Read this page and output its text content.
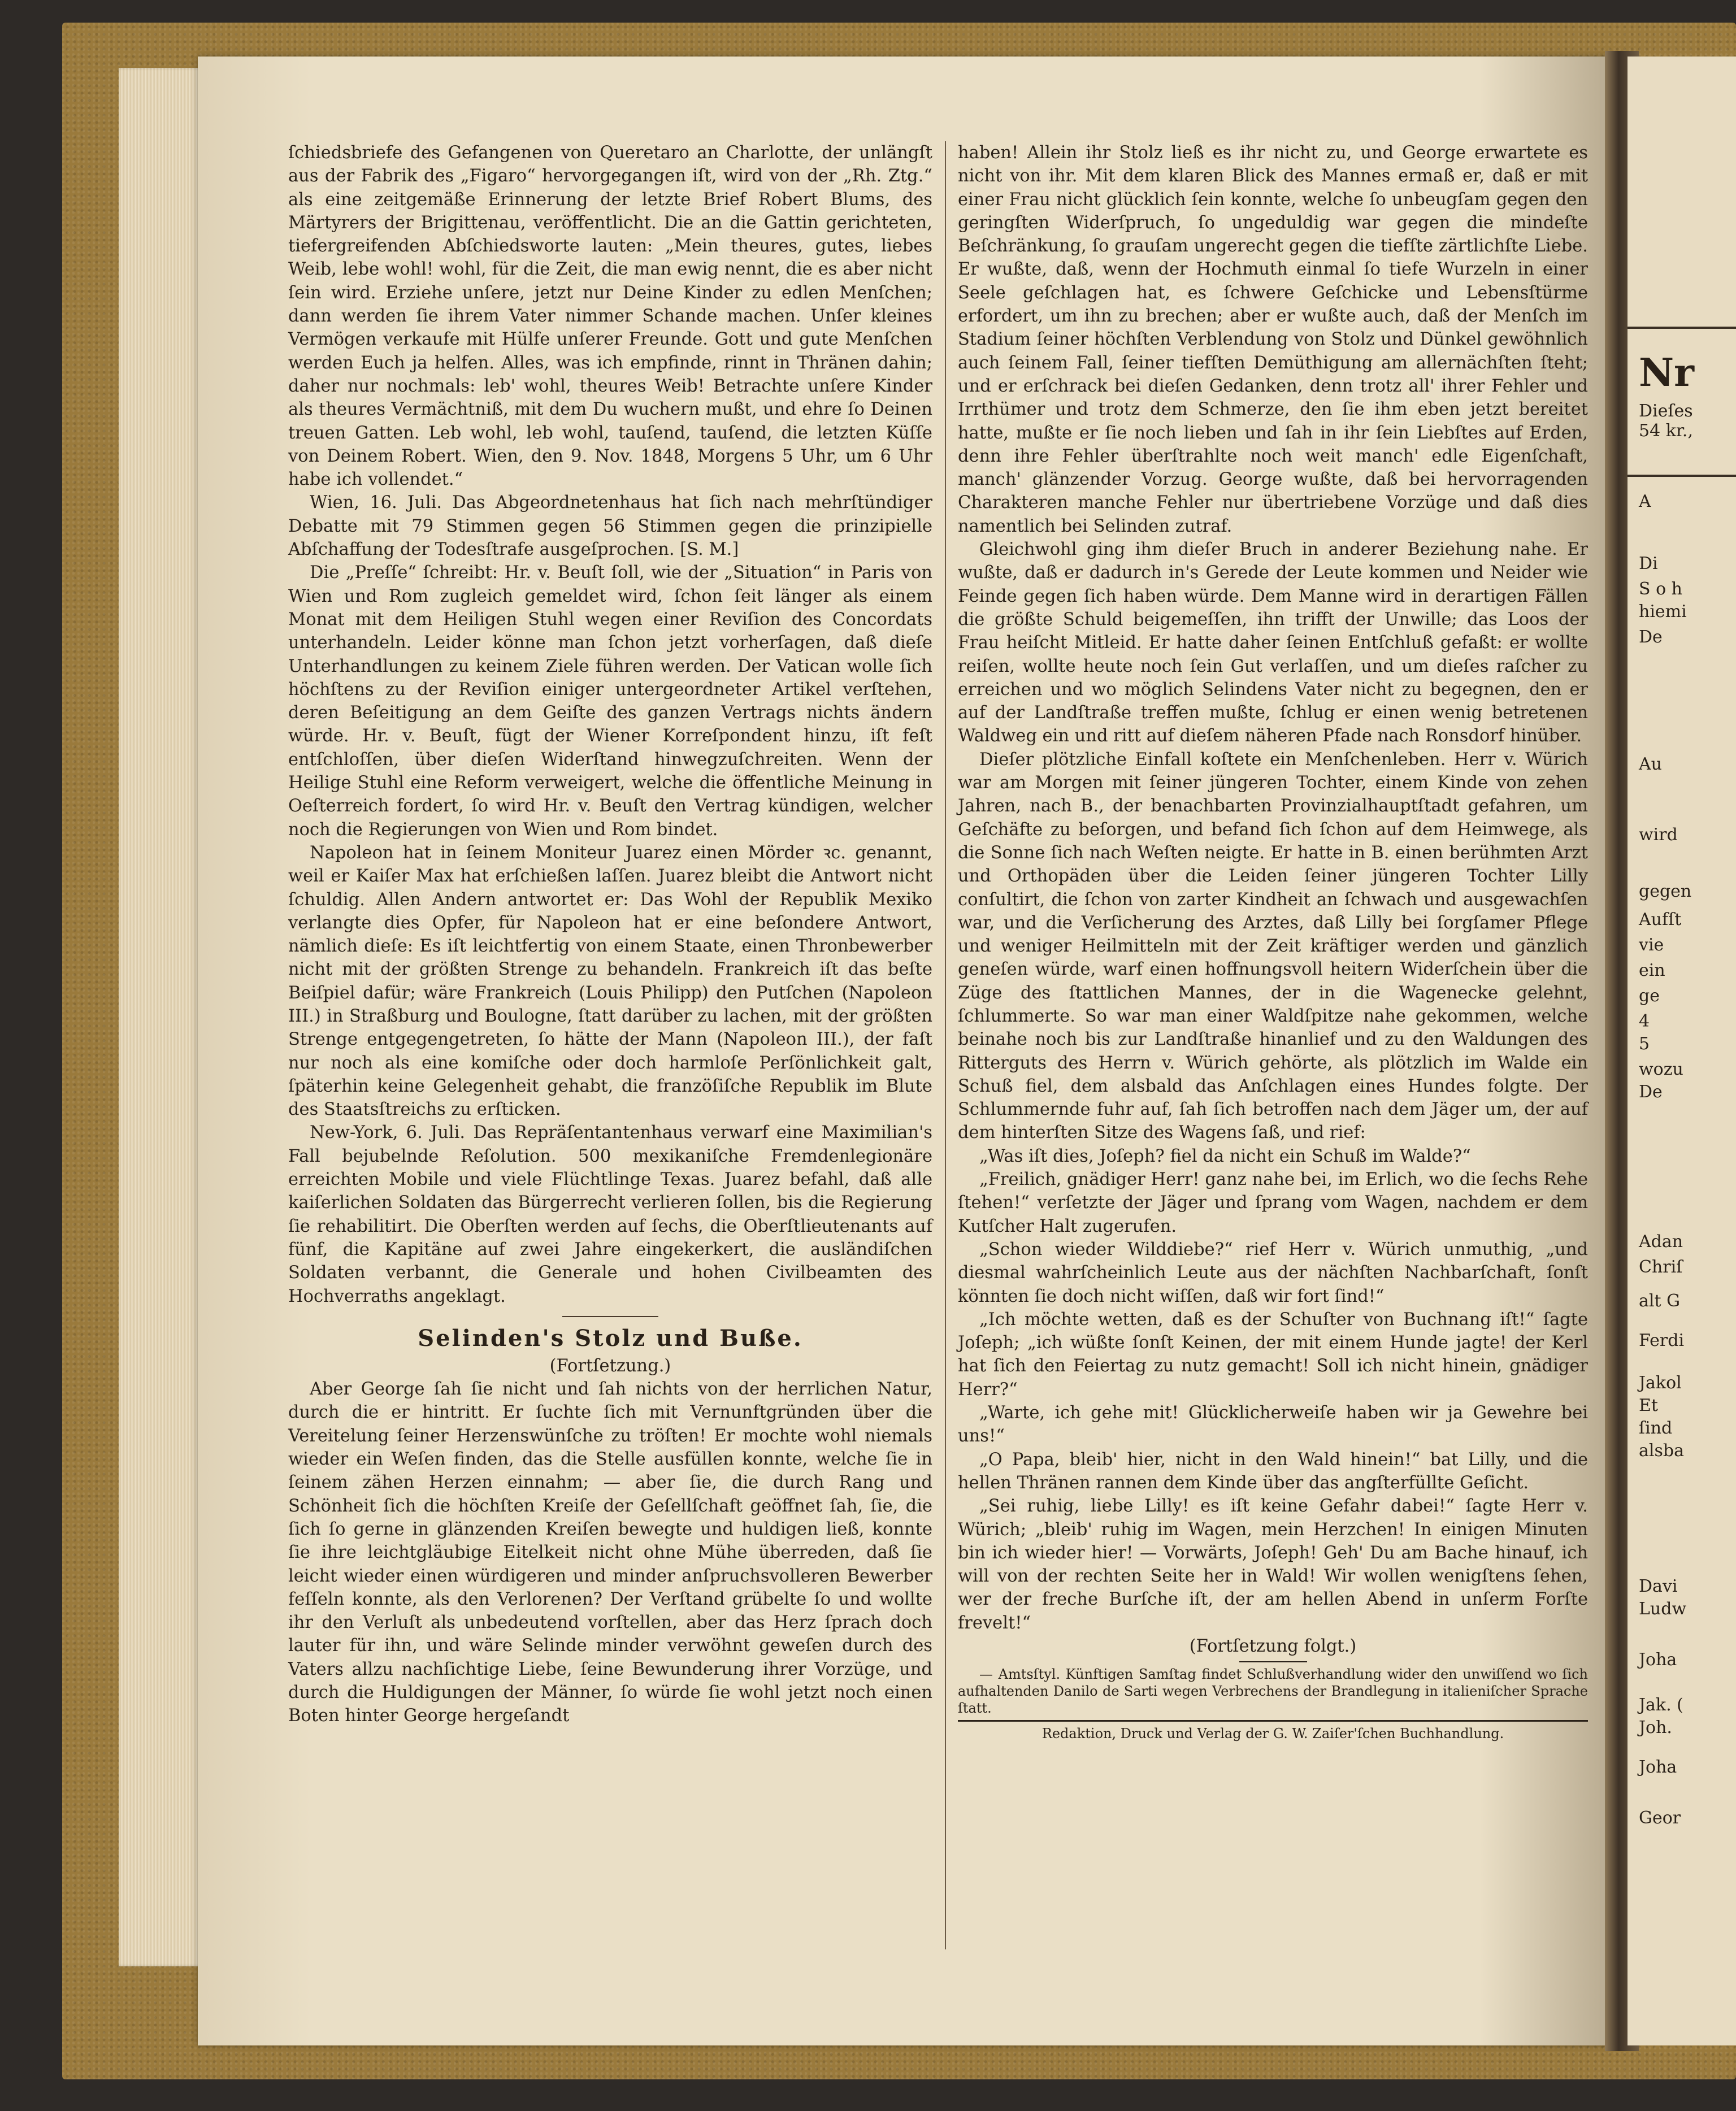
Nr
Dieſes
54 kr.,
A
Di
S o h
hiemi
De
Au
wird
gegen
Aufſt
vie
ein
ge
4
5
wozu
De
Adan
Chriſ
alt G
Ferdi
Jakol
Et
ſind
alsba
Davi
Ludw
Joha
Jak. (
Joh.
Joha
Geor

ſchiedsbriefe des Gefangenen von Queretaro an Charlotte, der unlängſt aus der Fabrik des „Figaro“ hervorgegangen iſt, wird von der „Rh. Ztg.“ als eine zeitgemäße Erinnerung der letzte Brief Robert Blums, des Märtyrers der Brigittenau, veröffentlicht. Die an die Gattin gerichteten, tiefergreifenden Abſchiedsworte lauten: „Mein theures, gutes, liebes Weib, lebe wohl! wohl, für die Zeit, die man ewig nennt, die es aber nicht ſein wird. Erziehe unſere, jetzt nur Deine Kinder zu edlen Menſchen; dann werden ſie ihrem Vater nimmer Schande machen. Unſer kleines Vermögen verkaufe mit Hülfe unſerer Freunde. Gott und gute Menſchen werden Euch ja helfen. Alles, was ich empfinde, rinnt in Thränen dahin; daher nur nochmals: leb' wohl, theures Weib! Betrachte unſere Kinder als theures Vermächtniß, mit dem Du wuchern mußt, und ehre ſo Deinen treuen Gatten. Leb wohl, leb wohl, tauſend, tauſend, die letzten Küſſe von Deinem Robert. Wien, den 9. Nov. 1848, Morgens 5 Uhr, um 6 Uhr habe ich vollendet.“

Wien, 16. Juli. Das Abgeordnetenhaus hat ſich nach mehrſtündiger Debatte mit 79 Stimmen gegen 56 Stimmen gegen die prinzipielle Abſchaffung der Todesſtrafe ausgeſprochen. [S. M.]

Die „Preſſe“ ſchreibt: Hr. v. Beuſt ſoll, wie der „Situation“ in Paris von Wien und Rom zugleich gemeldet wird, ſchon ſeit länger als einem Monat mit dem Heiligen Stuhl wegen einer Reviſion des Concordats unterhandeln. Leider könne man ſchon jetzt vorherſagen, daß dieſe Unterhandlungen zu keinem Ziele führen werden. Der Vatican wolle ſich höchſtens zu der Reviſion einiger untergeordneter Artikel verſtehen, deren Beſeitigung an dem Geiſte des ganzen Vertrags nichts ändern würde. Hr. v. Beuſt, fügt der Wiener Korreſpondent hinzu, iſt feſt entſchloſſen, über dieſen Widerſtand hinwegzuſchreiten. Wenn der Heilige Stuhl eine Reform verweigert, welche die öffentliche Meinung in Oeſterreich fordert, ſo wird Hr. v. Beuſt den Vertrag kündigen, welcher noch die Regierungen von Wien und Rom bindet.

Napoleon hat in ſeinem Moniteur Juarez einen Mörder ꝛc. genannt, weil er Kaiſer Max hat erſchießen laſſen. Juarez bleibt die Antwort nicht ſchuldig. Allen Andern antwortet er: Das Wohl der Republik Mexiko verlangte dies Opfer, für Napoleon hat er eine beſondere Antwort, nämlich dieſe: Es iſt leichtfertig von einem Staate, einen Thronbewerber nicht mit der größten Strenge zu behandeln. Frankreich iſt das beſte Beiſpiel dafür; wäre Frankreich (Louis Philipp) den Putſchen (Napoleon III.) in Straßburg und Boulogne, ſtatt darüber zu lachen, mit der größten Strenge entgegengetreten, ſo hätte der Mann (Napoleon III.), der faſt nur noch als eine komiſche oder doch harmloſe Perſönlichkeit galt, ſpäterhin keine Gelegenheit gehabt, die franzöſiſche Republik im Blute des Staatsſtreichs zu erſticken.

New-York, 6. Juli. Das Repräſentantenhaus verwarf eine Maximilian's Fall bejubelnde Reſolution. 500 mexikaniſche Fremdenlegionäre erreichten Mobile und viele Flüchtlinge Texas. Juarez befahl, daß alle kaiſerlichen Soldaten das Bürgerrecht verlieren ſollen, bis die Regierung ſie rehabilitirt. Die Oberſten werden auf ſechs, die Oberſtlieutenants auf fünf, die Kapitäne auf zwei Jahre eingekerkert, die ausländiſchen Soldaten verbannt, die Generale und hohen Civilbeamten des Hochverraths angeklagt.

Selinden's Stolz und Buße.

(Fortſetzung.)

Aber George ſah ſie nicht und ſah nichts von der herrlichen Natur, durch die er hintritt. Er ſuchte ſich mit Vernunftgründen über die Vereitelung ſeiner Herzenswünſche zu tröſten! Er mochte wohl niemals wieder ein Weſen finden, das die Stelle ausfüllen konnte, welche ſie in ſeinem zähen Herzen einnahm; — aber ſie, die durch Rang und Schönheit ſich die höchſten Kreiſe der Geſellſchaft geöffnet ſah, ſie, die ſich ſo gerne in glänzenden Kreiſen bewegte und huldigen ließ, konnte ſie ihre leichtgläubige Eitelkeit nicht ohne Mühe überreden, daß ſie leicht wieder einen würdigeren und minder anſpruchsvolleren Bewerber feſſeln konnte, als den Verlorenen? Der Verſtand grübelte ſo und wollte ihr den Verluſt als unbedeutend vorſtellen, aber das Herz ſprach doch lauter für ihn, und wäre Selinde minder verwöhnt geweſen durch des Vaters allzu nachſichtige Liebe, ſeine Bewunderung ihrer Vorzüge, und durch die Huldigungen der Männer, ſo würde ſie wohl jetzt noch einen Boten hinter George hergeſandt

haben! Allein ihr Stolz ließ es ihr nicht zu, und George erwartete es nicht von ihr. Mit dem klaren Blick des Mannes ermaß er, daß er mit einer Frau nicht glücklich ſein konnte, welche ſo unbeugſam gegen den geringſten Widerſpruch, ſo ungeduldig war gegen die mindeſte Beſchränkung, ſo grauſam ungerecht gegen die tiefſte zärtlichſte Liebe. Er wußte, daß, wenn der Hochmuth einmal ſo tiefe Wurzeln in einer Seele geſchlagen hat, es ſchwere Geſchicke und Lebensſtürme erfordert, um ihn zu brechen; aber er wußte auch, daß der Menſch im Stadium ſeiner höchſten Verblendung von Stolz und Dünkel gewöhnlich auch ſeinem Fall, ſeiner tiefſten Demüthigung am allernächſten ſteht; und er erſchrack bei dieſen Gedanken, denn trotz all' ihrer Fehler und Irrthümer und trotz dem Schmerze, den ſie ihm eben jetzt bereitet hatte, mußte er ſie noch lieben und ſah in ihr ſein Liebſtes auf Erden, denn ihre Fehler überſtrahlte noch weit manch' edle Eigenſchaft, manch' glänzender Vorzug. George wußte, daß bei hervorragenden Charakteren manche Fehler nur übertriebene Vorzüge und daß dies namentlich bei Selinden zutraf.

Gleichwohl ging ihm dieſer Bruch in anderer Beziehung nahe. Er wußte, daß er dadurch in's Gerede der Leute kommen und Neider wie Feinde gegen ſich haben würde. Dem Manne wird in derartigen Fällen die größte Schuld beigemeſſen, ihn trifft der Unwille; das Loos der Frau heiſcht Mitleid. Er hatte daher ſeinen Entſchluß gefaßt: er wollte reiſen, wollte heute noch ſein Gut verlaſſen, und um dieſes raſcher zu erreichen und wo möglich Selindens Vater nicht zu begegnen, den er auf der Landſtraße treffen mußte, ſchlug er einen wenig betretenen Waldweg ein und ritt auf dieſem näheren Pfade nach Ronsdorf hinüber.

Dieſer plötzliche Einfall koſtete ein Menſchenleben. Herr v. Würich war am Morgen mit ſeiner jüngeren Tochter, einem Kinde von zehen Jahren, nach B., der benachbarten Provinzialhauptſtadt gefahren, um Geſchäfte zu beſorgen, und befand ſich ſchon auf dem Heimwege, als die Sonne ſich nach Weſten neigte. Er hatte in B. einen berühmten Arzt und Orthopäden über die Leiden ſeiner jüngeren Tochter Lilly conſultirt, die ſchon von zarter Kindheit an ſchwach und ausgewachſen war, und die Verſicherung des Arztes, daß Lilly bei ſorgſamer Pflege und weniger Heilmitteln mit der Zeit kräftiger werden und gänzlich geneſen würde, warf einen hoffnungsvoll heitern Widerſchein über die Züge des ſtattlichen Mannes, der in die Wagenecke gelehnt, ſchlummerte. So war man einer Waldſpitze nahe gekommen, welche beinahe noch bis zur Landſtraße hinanlief und zu den Waldungen des Ritterguts des Herrn v. Würich gehörte, als plötzlich im Walde ein Schuß fiel, dem alsbald das Anſchlagen eines Hundes folgte. Der Schlummernde fuhr auf, ſah ſich betroffen nach dem Jäger um, der auf dem hinterſten Sitze des Wagens ſaß, und rief:

„Was iſt dies, Joſeph? fiel da nicht ein Schuß im Walde?“

„Freilich, gnädiger Herr! ganz nahe bei, im Erlich, wo die ſechs Rehe ſtehen!“ verſetzte der Jäger und ſprang vom Wagen, nachdem er dem Kutſcher Halt zugerufen.

„Schon wieder Wilddiebe?“ rief Herr v. Würich unmuthig, „und diesmal wahrſcheinlich Leute aus der nächſten Nachbarſchaft, ſonſt könnten ſie doch nicht wiſſen, daß wir fort ſind!“

„Ich möchte wetten, daß es der Schuſter von Buchnang iſt!“ ſagte Joſeph; „ich wüßte ſonſt Keinen, der mit einem Hunde jagte! der Kerl hat ſich den Feiertag zu nutz gemacht! Soll ich nicht hinein, gnädiger Herr?“

„Warte, ich gehe mit! Glücklicherweiſe haben wir ja Gewehre bei uns!“

„O Papa, bleib' hier, nicht in den Wald hinein!“ bat Lilly, und die hellen Thränen rannen dem Kinde über das angſterfüllte Geſicht.

„Sei ruhig, liebe Lilly! es iſt keine Gefahr dabei!“ ſagte Herr v. Würich; „bleib' ruhig im Wagen, mein Herzchen! In einigen Minuten bin ich wieder hier! — Vorwärts, Joſeph! Geh' Du am Bache hinauf, ich will von der rechten Seite her in Wald! Wir wollen wenigſtens ſehen, wer der freche Burſche iſt, der am hellen Abend in unſerm Forſte frevelt!“

(Fortſetzung folgt.)

— Amtsſtyl. Künftigen Samſtag findet Schlußverhandlung wider den unwiſſend wo ſich aufhaltenden Danilo de Sarti wegen Verbrechens der Brandlegung in italieniſcher Sprache ſtatt.

Redaktion, Druck und Verlag der G. W. Zaiſer'ſchen Buchhandlung.
